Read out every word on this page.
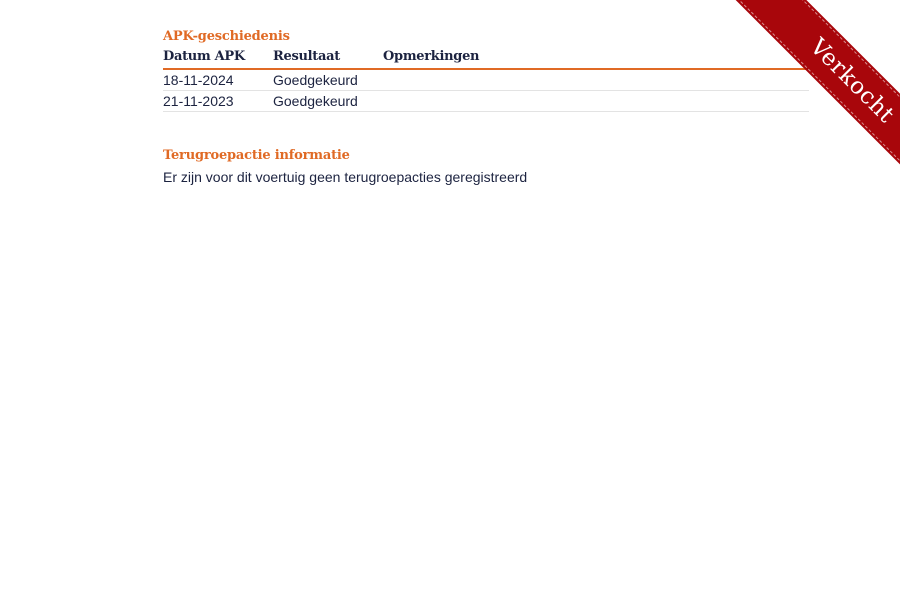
APK-geschiedenis
Datum APK	Resultaat	Opmerkingen
18-11-2024	Goedgekeurd	
21-11-2023	Goedgekeurd	
Terugroepactie informatie
Er zijn voor dit voertuig geen terugroepacties geregistreerd
Verkocht
